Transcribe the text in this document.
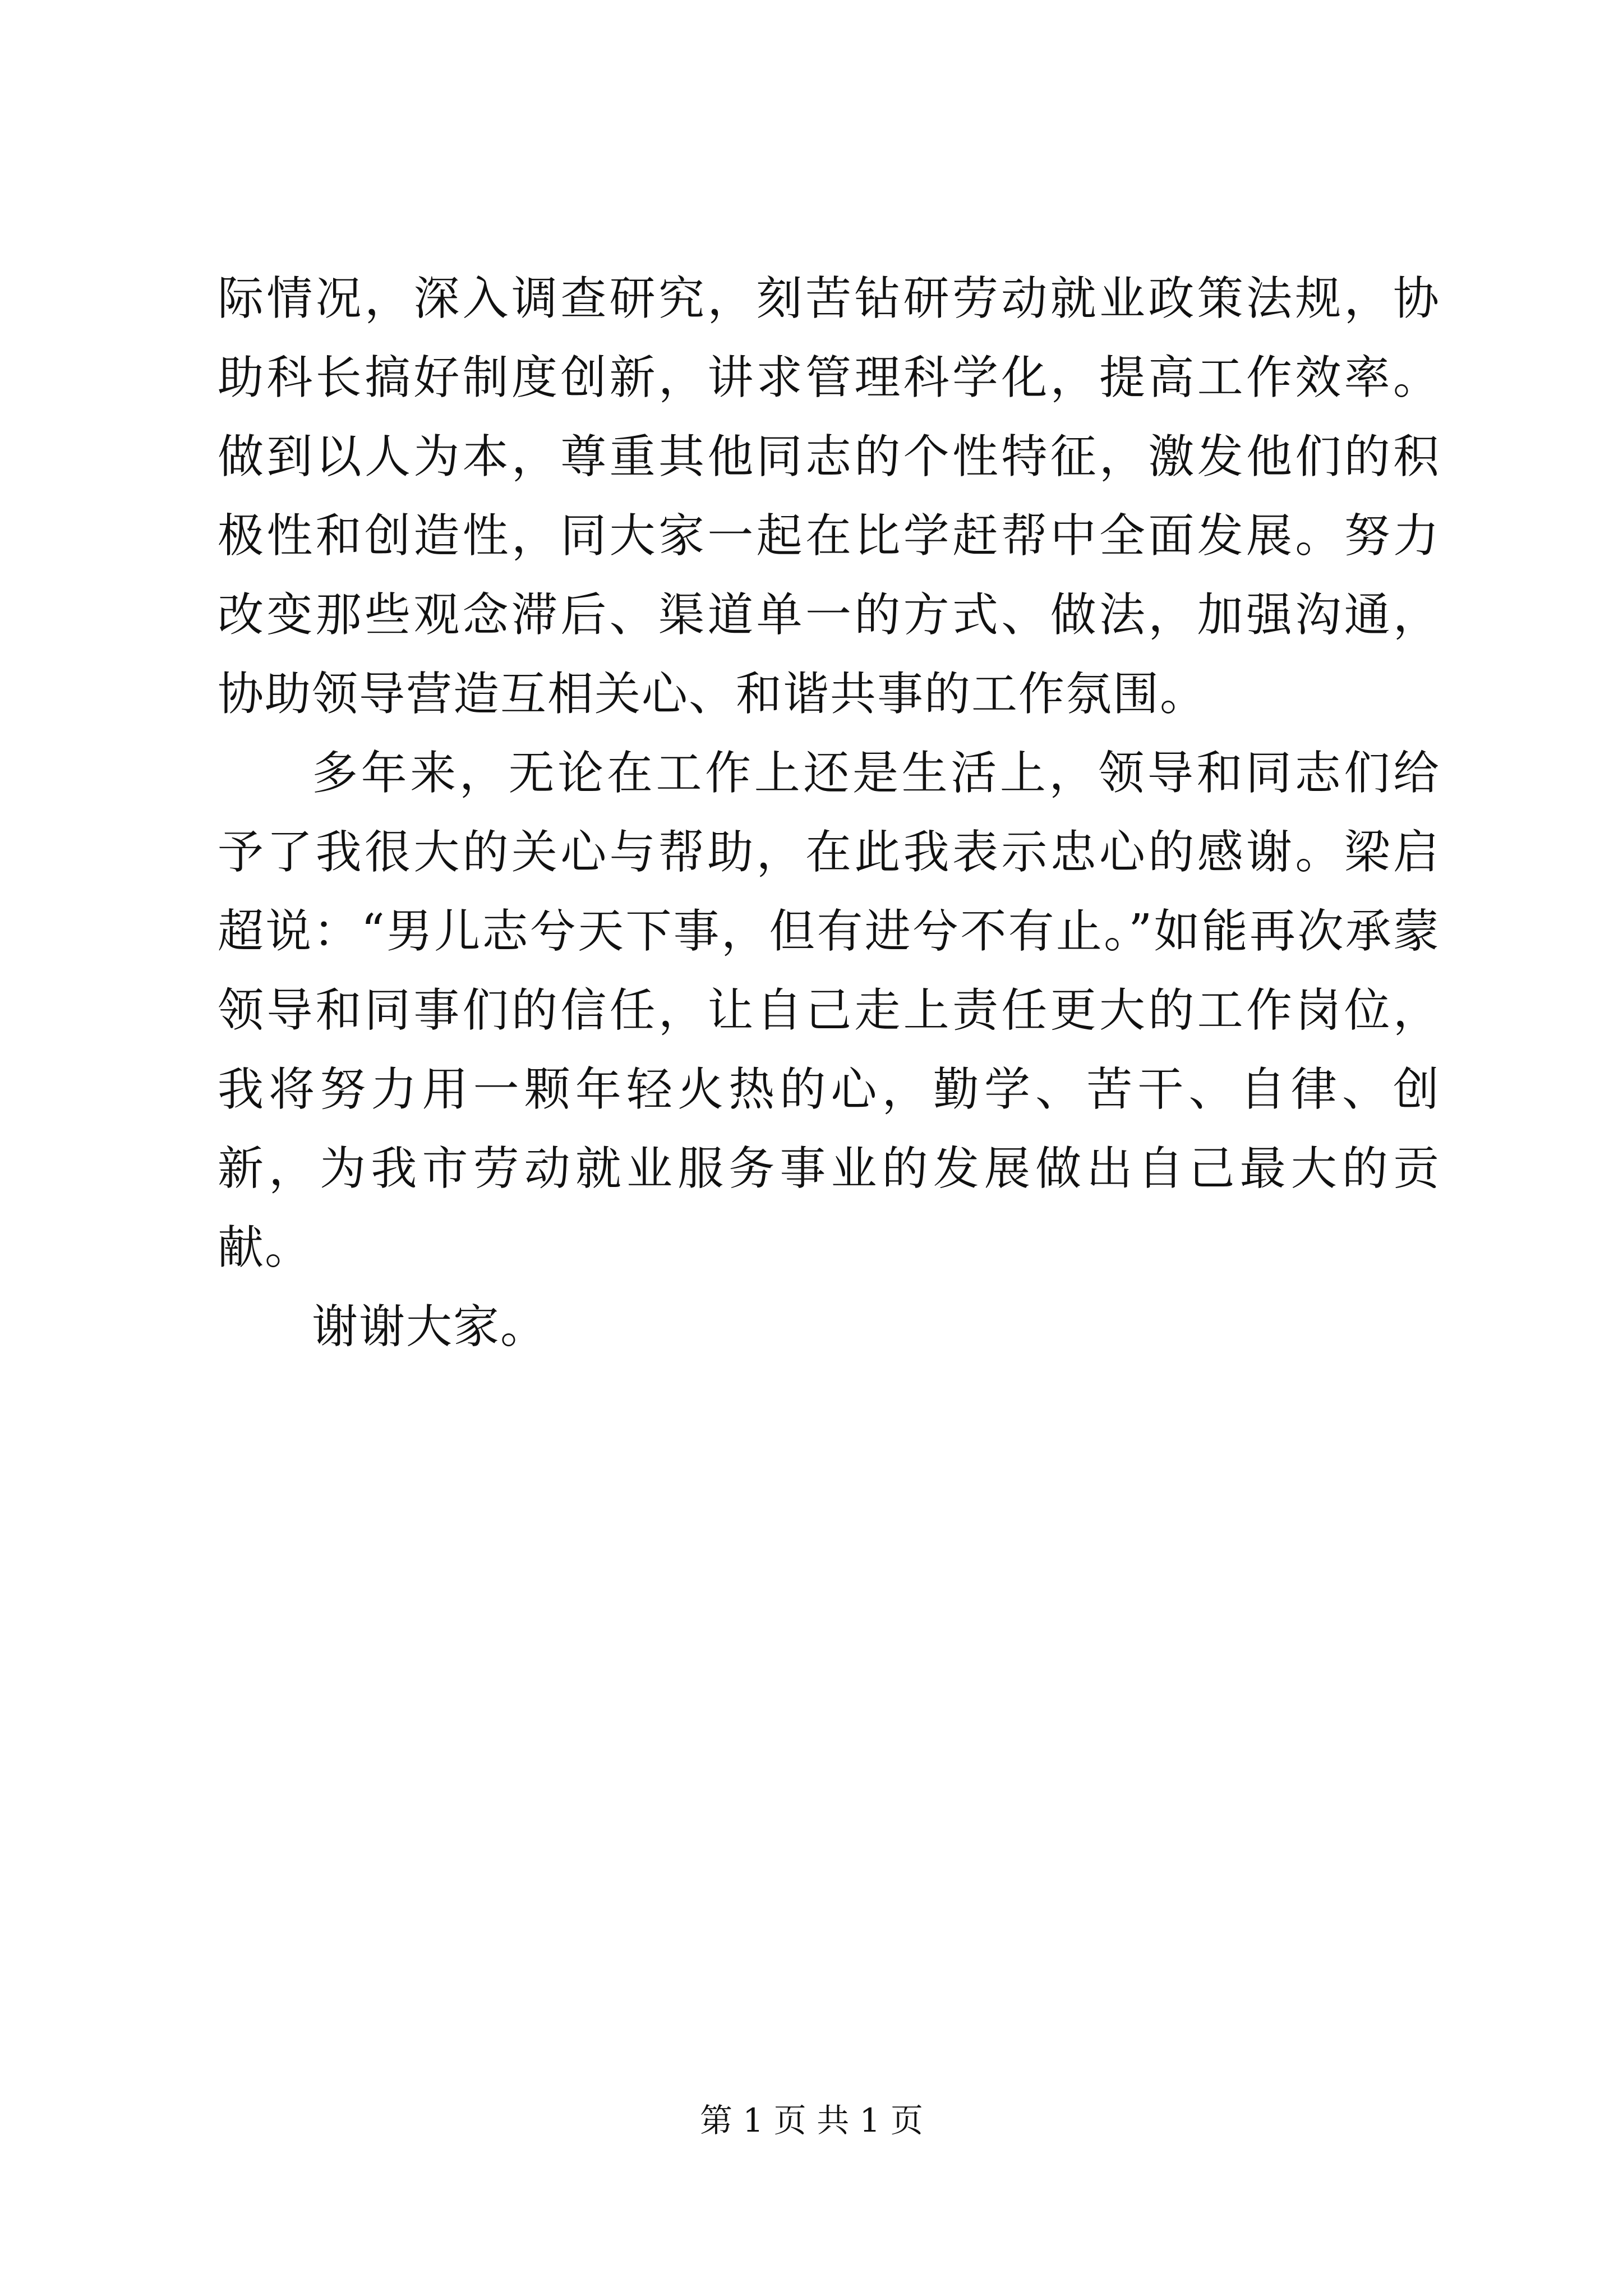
际情况，深入调查研究，刻苦钻研劳动就业政策法规，协助科长搞好制度创新，讲求管理科学化，提高工作效率。做到以人为本，尊重其他同志的个性特征，激发他们的积极性和创造性，同大家一起在比学赶帮中全面发展。努力改变那些观念滞后、渠道单一的方式、做法，加强沟通，协助领导营造互相关心、和谐共事的工作氛围。

多年来，无论在工作上还是生活上，领导和同志们给予了我很大的关心与帮助，在此我表示忠心的感谢。梁启超说：“男儿志兮天下事，但有进兮不有止。”如能再次承蒙领导和同事们的信任，让自己走上责任更大的工作岗位，我将努力用一颗年轻火热的心，勤学、苦干、自律、创新，为我市劳动就业服务事业的发展做出自己最大的贡献。

谢谢大家。

第 1 页 共 1 页
